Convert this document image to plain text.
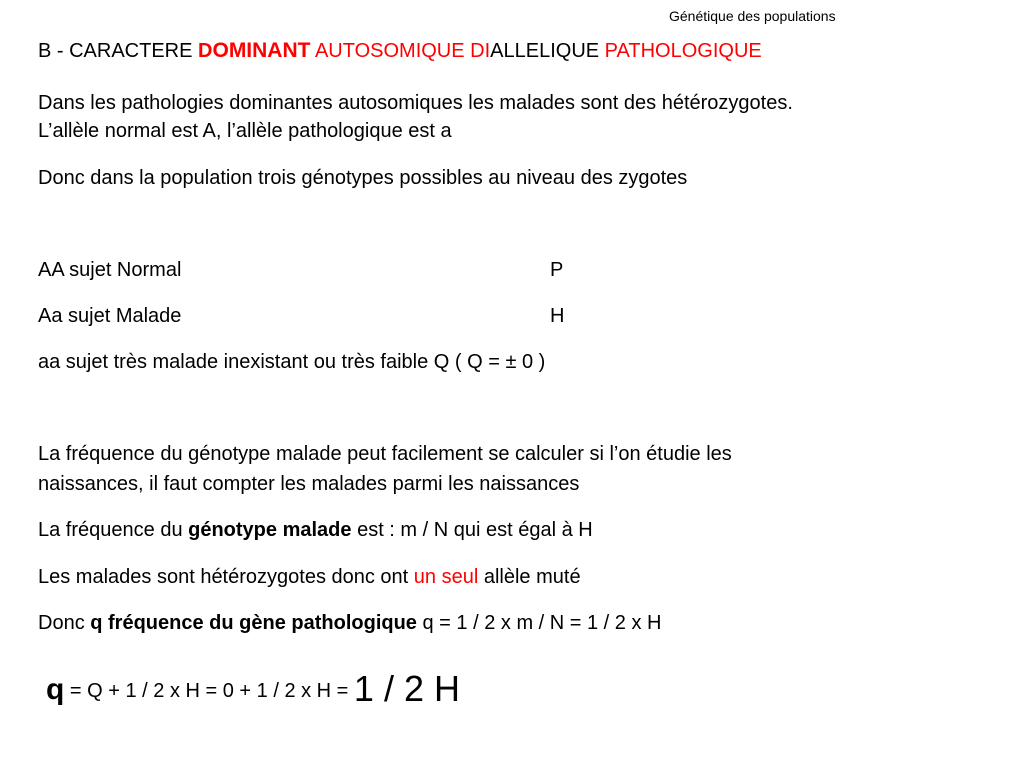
Génétique des populations
B - CARACTERE DOMINANT AUTOSOMIQUE DIALLELIQUE PATHOLOGIQUE
Dans les pathologies dominantes autosomiques les malades sont des hétérozygotes.
L’allèle normal est A, l’allèle pathologique est a
Donc dans la population trois génotypes possibles au niveau des zygotes
AA sujet Normal	P
Aa sujet Malade	H
aa sujet très malade inexistant ou très faible Q ( Q = ± 0 )
La fréquence du génotype malade peut facilement se calculer si l’on étudie les
naissances, il faut compter les malades parmi les naissances
La fréquence du génotype malade est : m / N qui est égal à H
Les malades sont hétérozygotes donc ont un seul allèle muté
Donc q fréquence du gène pathologique q = 1 / 2 x m / N = 1 / 2 x H
q = Q + 1 / 2 x H = 0 + 1 / 2 x H = 1 / 2 H
